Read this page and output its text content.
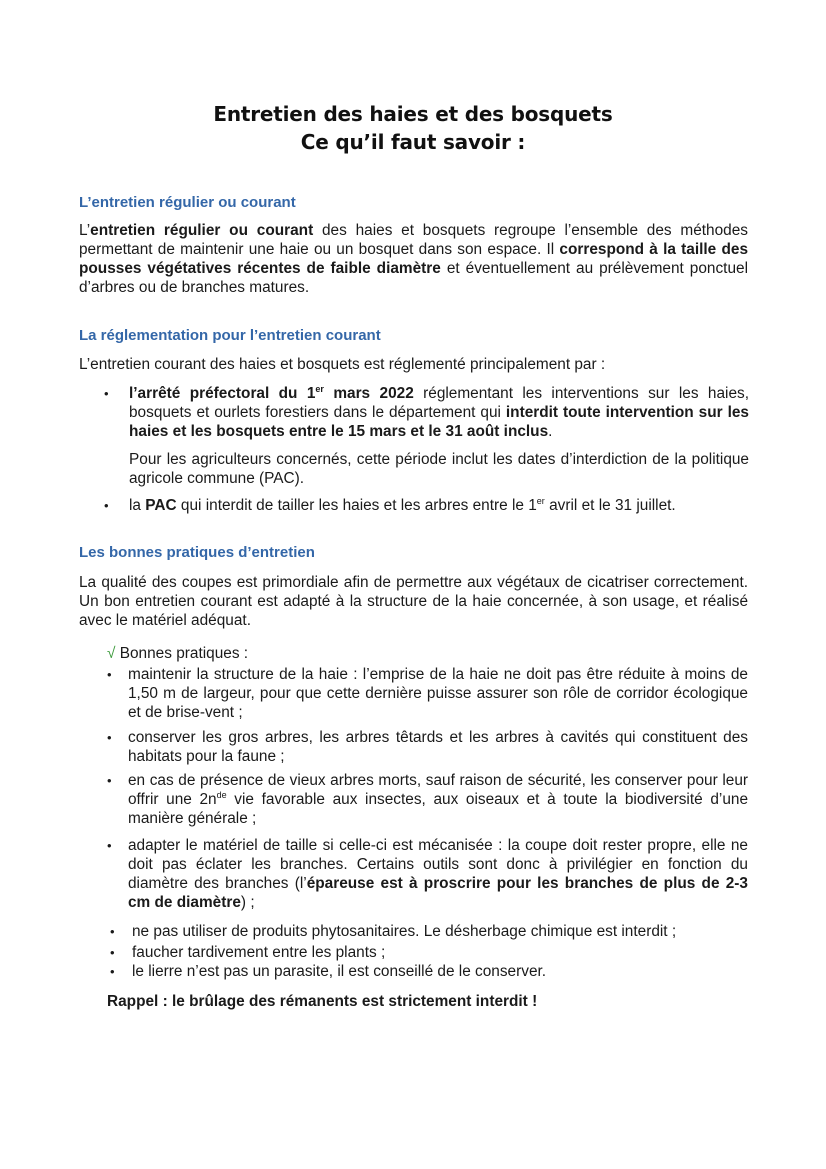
Entretien des haies et des bosquets
Ce qu’il faut savoir :
L’entretien régulier ou courant
L’entretien régulier ou courant des haies et bosquets regroupe l’ensemble des méthodes permettant de maintenir une haie ou un bosquet dans son espace. Il correspond à la taille des pousses végétatives récentes de faible diamètre et éventuellement au prélèvement ponctuel d’arbres ou de branches matures.
La réglementation pour l’entretien courant
L’entretien courant des haies et bosquets est réglementé principalement par :
• l’arrêté préfectoral du 1er mars 2022 réglementant les interventions sur les haies, bosquets et ourlets forestiers dans le département qui interdit toute intervention sur les haies et les bosquets entre le 15 mars et le 31 août inclus.
Pour les agriculteurs concernés, cette période inclut les dates d’interdiction de la politique agricole commune (PAC).
• la PAC qui interdit de tailler les haies et les arbres entre le 1er avril et le 31 juillet.
Les bonnes pratiques d’entretien
La qualité des coupes est primordiale afin de permettre aux végétaux de cicatriser correctement. Un bon entretien courant est adapté à la structure de la haie concernée, à son usage, et réalisé avec le matériel adéquat.
√ Bonnes pratiques :
• maintenir la structure de la haie : l’emprise de la haie ne doit pas être réduite à moins de 1,50 m de largeur, pour que cette dernière puisse assurer son rôle de corridor écologique et de brise-vent ;
• conserver les gros arbres, les arbres têtards et les arbres à cavités qui constituent des habitats pour la faune ;
• en cas de présence de vieux arbres morts, sauf raison de sécurité, les conserver pour leur offrir une $2n^{de}$ vie favorable aux insectes, aux oiseaux et à toute la biodiversité d’une manière générale ;
• adapter le matériel de taille si celle-ci est mécanisée : la coupe doit rester propre, elle ne doit pas éclater les branches. Certains outils sont donc à privilégier en fonction du diamètre des branches (l’épareuse est à proscrire pour les branches de plus de 2-3 cm de diamètre) ;
• ne pas utiliser de produits phytosanitaires. Le désherbage chimique est interdit ;
• faucher tardivement entre les plants ;
• le lierre n’est pas un parasite, il est conseillé de le conserver.
Rappel : le brûlage des rémanents est strictement interdit !
